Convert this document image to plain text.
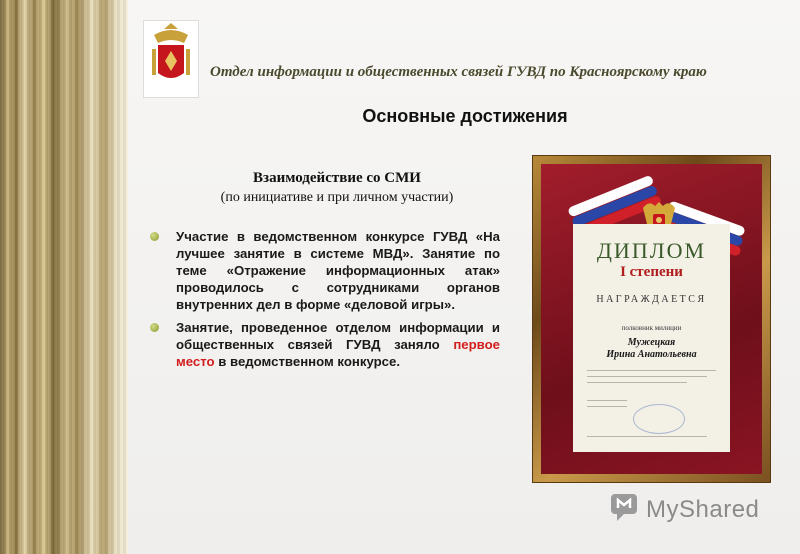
Отдел информации и общественных связей ГУВД по Красноярскому краю
Основные достижения
Взаимодействие со СМИ
(по инициативе и при личном участии)
Участие в ведомственном конкурсе ГУВД «На лучшее занятие в системе МВД». Занятие по теме «Отражение информационных атак» проводилось с сотрудниками органов внутренних дел в форме «деловой игры».
Занятие, проведенное отделом информации и общественных связей ГУВД заняло первое место в ведомственном конкурсе.
ДИПЛОМ
I степени
НАГРАЖДАЕТСЯ
полковник милиции
Мужецкая
Ирина Анатольевна
MyShared
